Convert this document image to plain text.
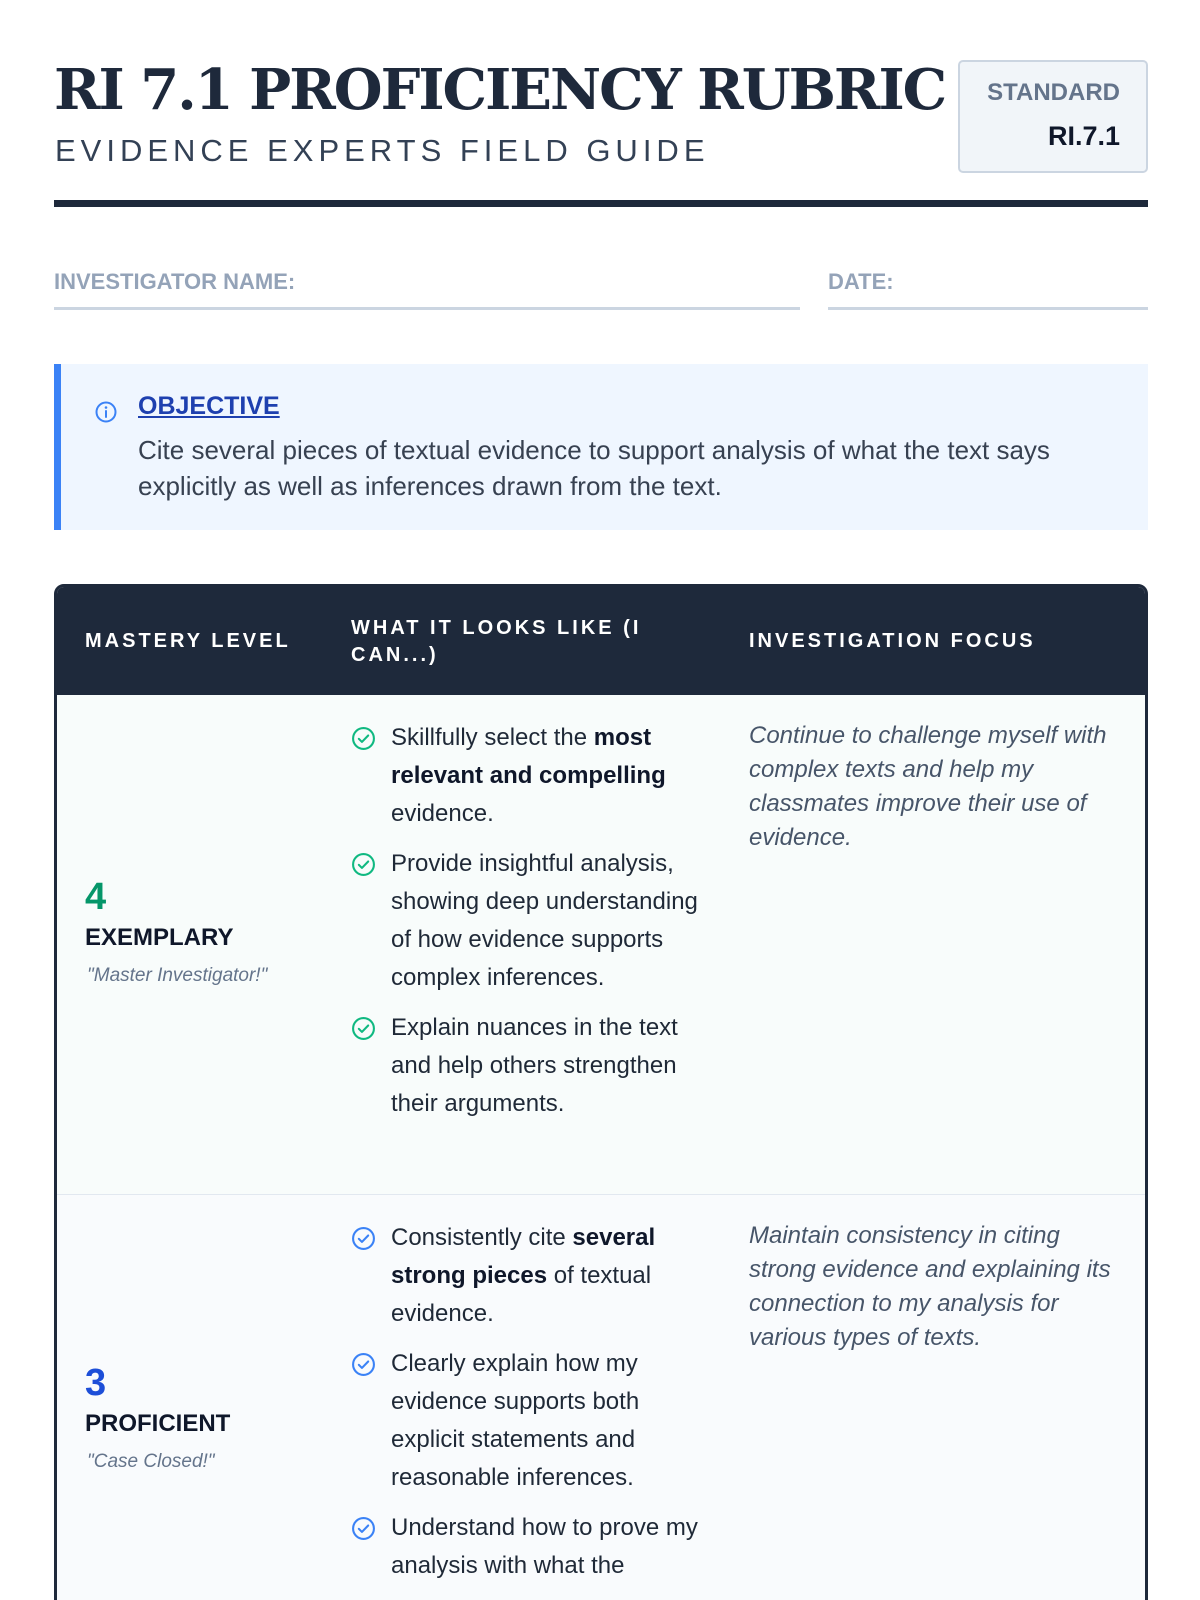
RI 7.1 PROFICIENCY RUBRIC
EVIDENCE EXPERTS FIELD GUIDE
STANDARD
RI.7.1
INVESTIGATOR NAME:	DATE:
OBJECTIVE
Cite several pieces of textual evidence to support analysis of what the text says explicitly as well as inferences drawn from the text.
MASTERY LEVEL
WHAT IT LOOKS LIKE (I CAN...)
INVESTIGATION FOCUS
4
EXEMPLARY
"Master Investigator!"
Skillfully select the most relevant and compelling evidence.
Provide insightful analysis, showing deep understanding of how evidence supports complex inferences.
Explain nuances in the text and help others strengthen their arguments.
Continue to challenge myself with complex texts and help my classmates improve their use of evidence.
3
PROFICIENT
"Case Closed!"
Consistently cite several strong pieces of textual evidence.
Clearly explain how my evidence supports both explicit statements and reasonable inferences.
Understand how to prove my analysis with what the
Maintain consistency in citing strong evidence and explaining its connection to my analysis for various types of texts.
